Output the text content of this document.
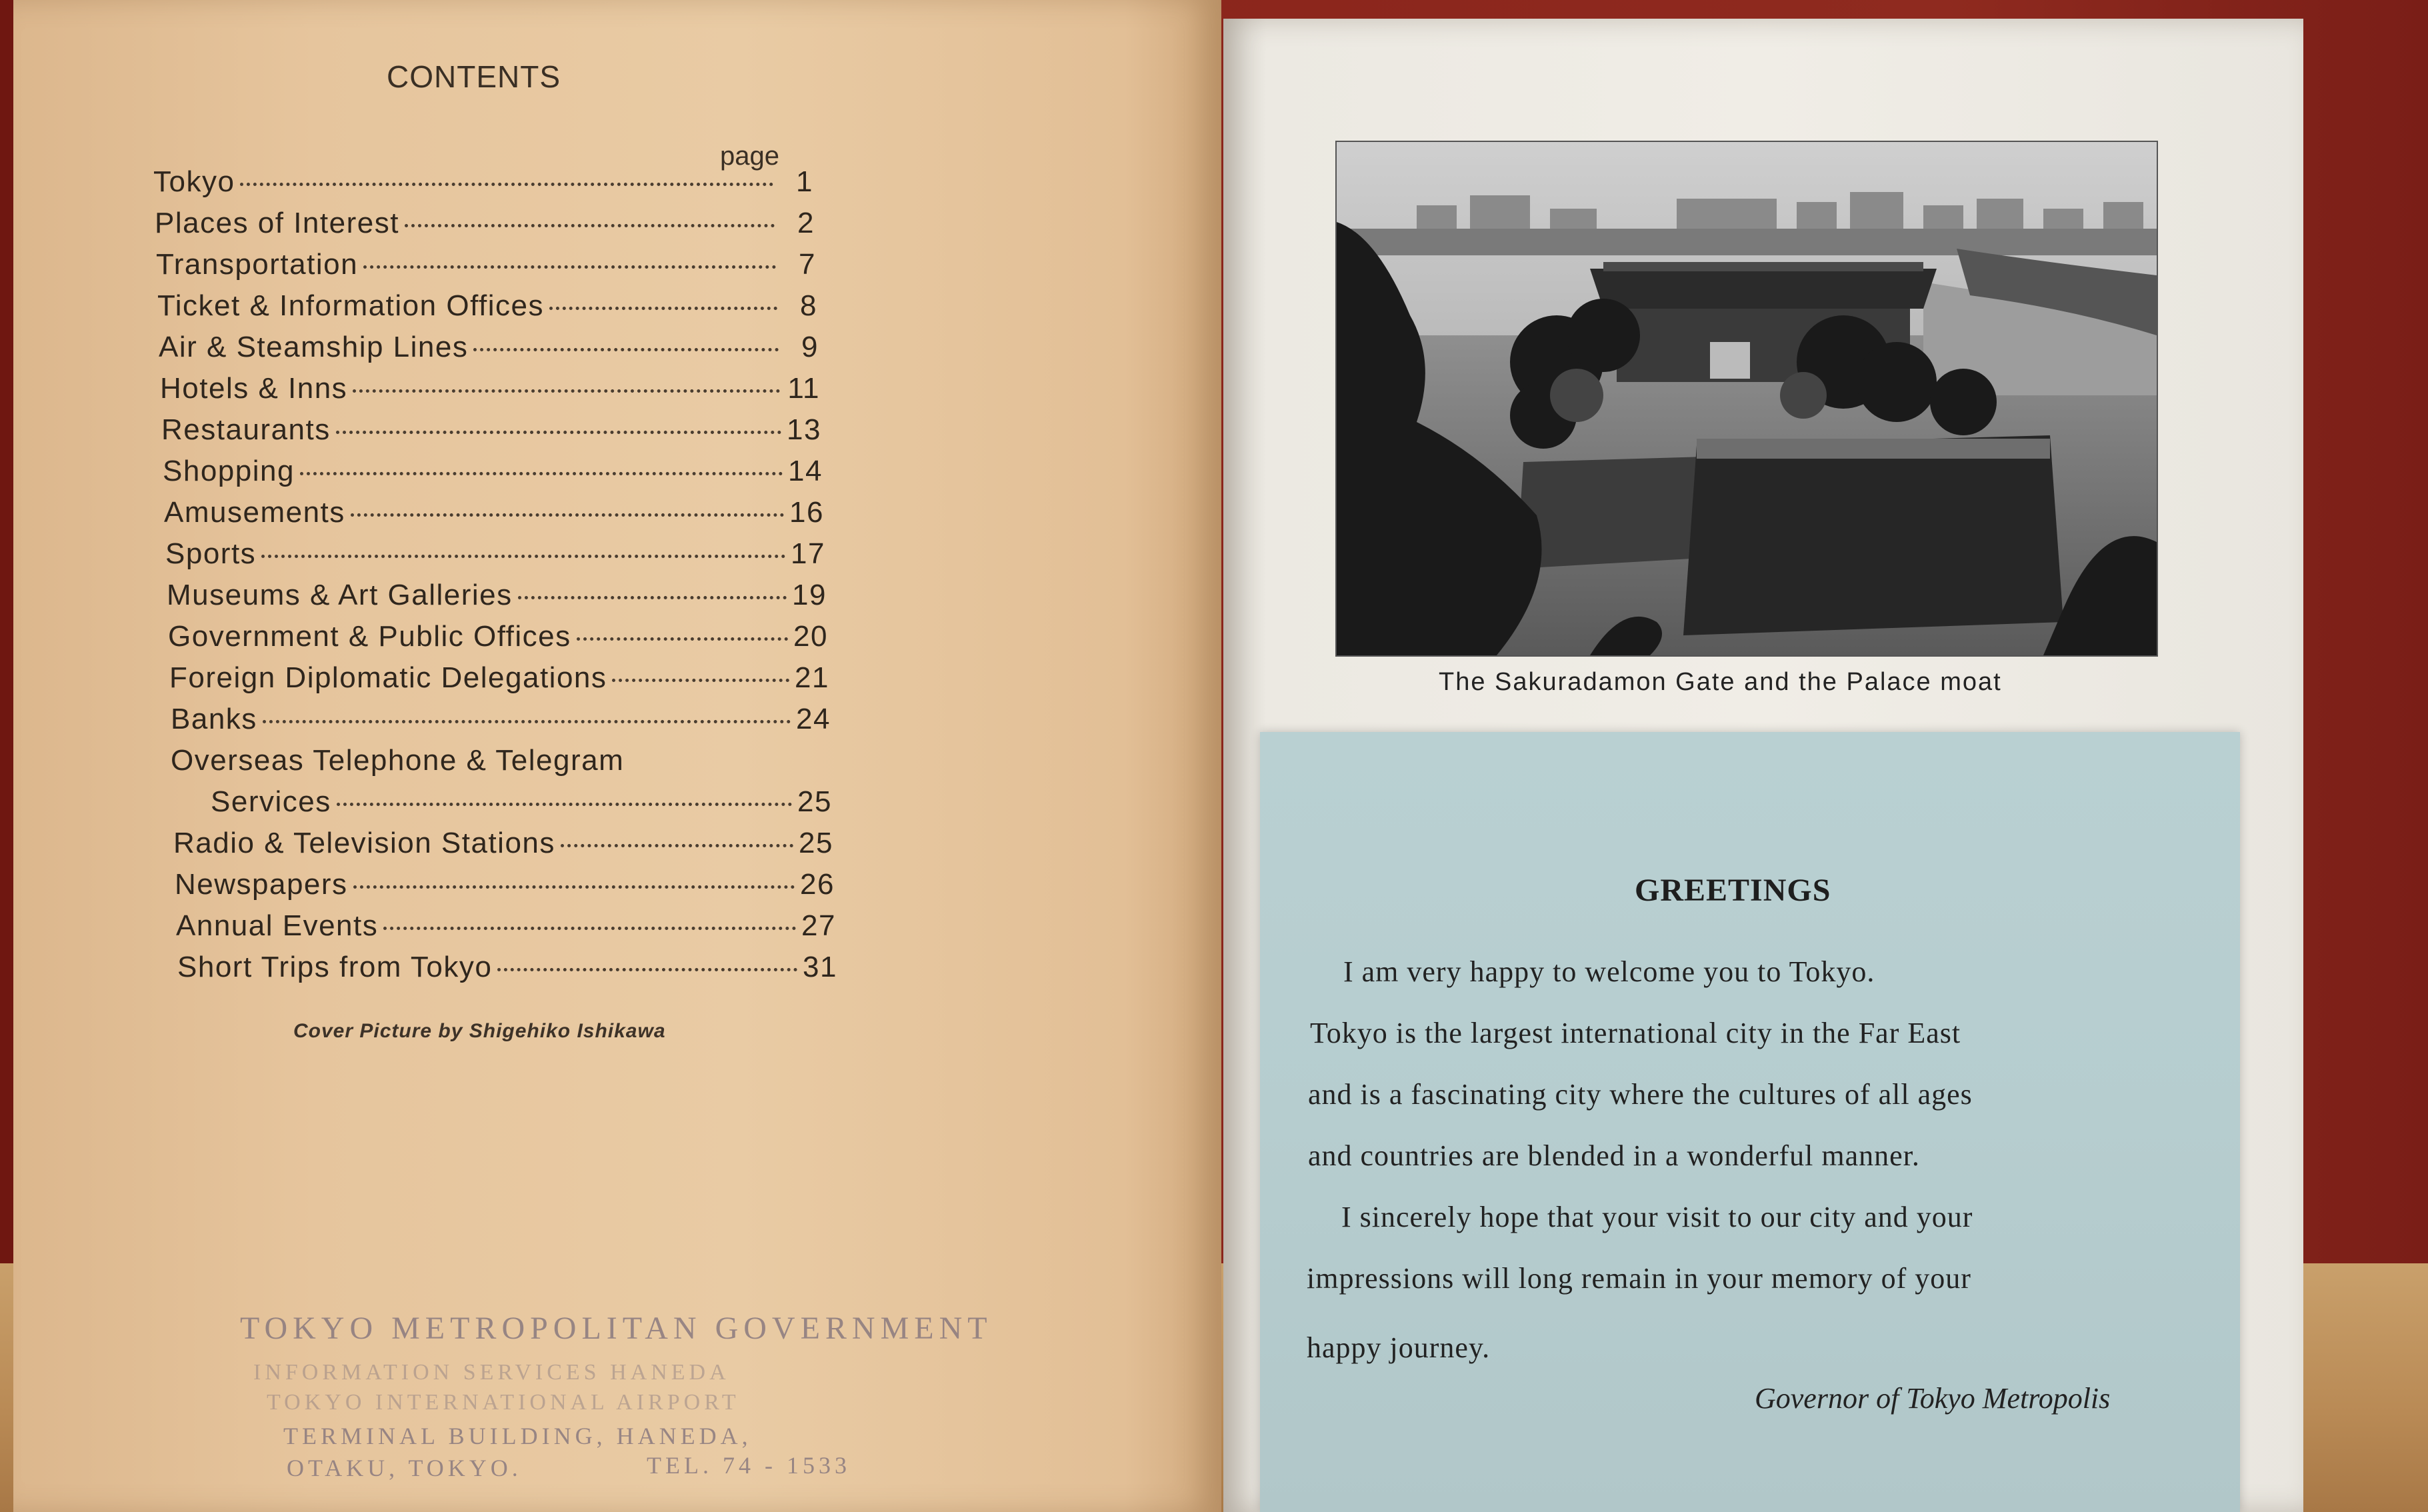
CONTENTS
page
Tokyo	1
Places of Interest	2
Transportation	7
Ticket & Information Offices	8
Air & Steamship Lines	9
Hotels & Inns	11
Restaurants	13
Shopping	14
Amusements	16
Sports	17
Museums & Art Galleries	19
Government & Public Offices	20
Foreign Diplomatic Delegations	21
Banks	24
Overseas Telephone & Telegram
Services	25
Radio & Television Stations	25
Newspapers	26
Annual Events	27
Short Trips from Tokyo	31
Cover Picture by Shigehiko Ishikawa
TOKYO METROPOLITAN GOVERNMENT
INFORMATION SERVICES HANEDA
TOKYO INTERNATIONAL AIRPORT
TERMINAL BUILDING, HANEDA,
OTAKU, TOKYO.	TEL. 74 - 1533
The Sakuradamon Gate and the Palace moat
GREETINGS
I am very happy to welcome you to Tokyo.
Tokyo is the largest international city in the Far East
and is a fascinating city where the cultures of all ages
and countries are blended in a wonderful manner.
I sincerely hope that your visit to our city and your
impressions will long remain in your memory of your
happy journey.
Governor of Tokyo Metropolis
